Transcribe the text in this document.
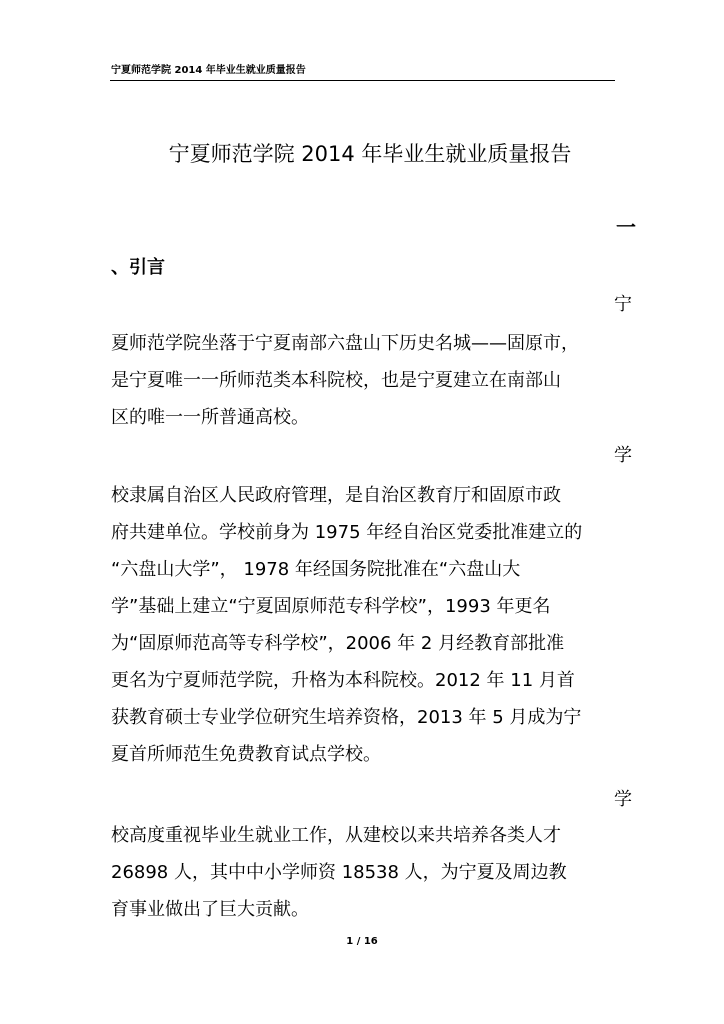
宁夏师范学院 2014 年毕业生就业质量报告
宁夏师范学院 2014 年毕业生就业质量报告
一
、引言
宁
夏师范学院坐落于宁夏南部六盘山下历史名城——固原市，
是宁夏唯一一所师范类本科院校，也是宁夏建立在南部山
区的唯一一所普通高校。
学
校隶属自治区人民政府管理，是自治区教育厅和固原市政
府共建单位。学校前身为 1975 年经自治区党委批准建立的
“六盘山大学”， 1978 年经国务院批准在“六盘山大
学”基础上建立“宁夏固原师范专科学校”，1993 年更名
为“固原师范高等专科学校”，2006 年 2 月经教育部批准
更名为宁夏师范学院，升格为本科院校。2012 年 11 月首
获教育硕士专业学位研究生培养资格，2013 年 5 月成为宁
夏首所师范生免费教育试点学校。
学
校高度重视毕业生就业工作，从建校以来共培养各类人才
26898 人，其中中小学师资 18538 人，为宁夏及周边教
育事业做出了巨大贡献。
1 / 16
